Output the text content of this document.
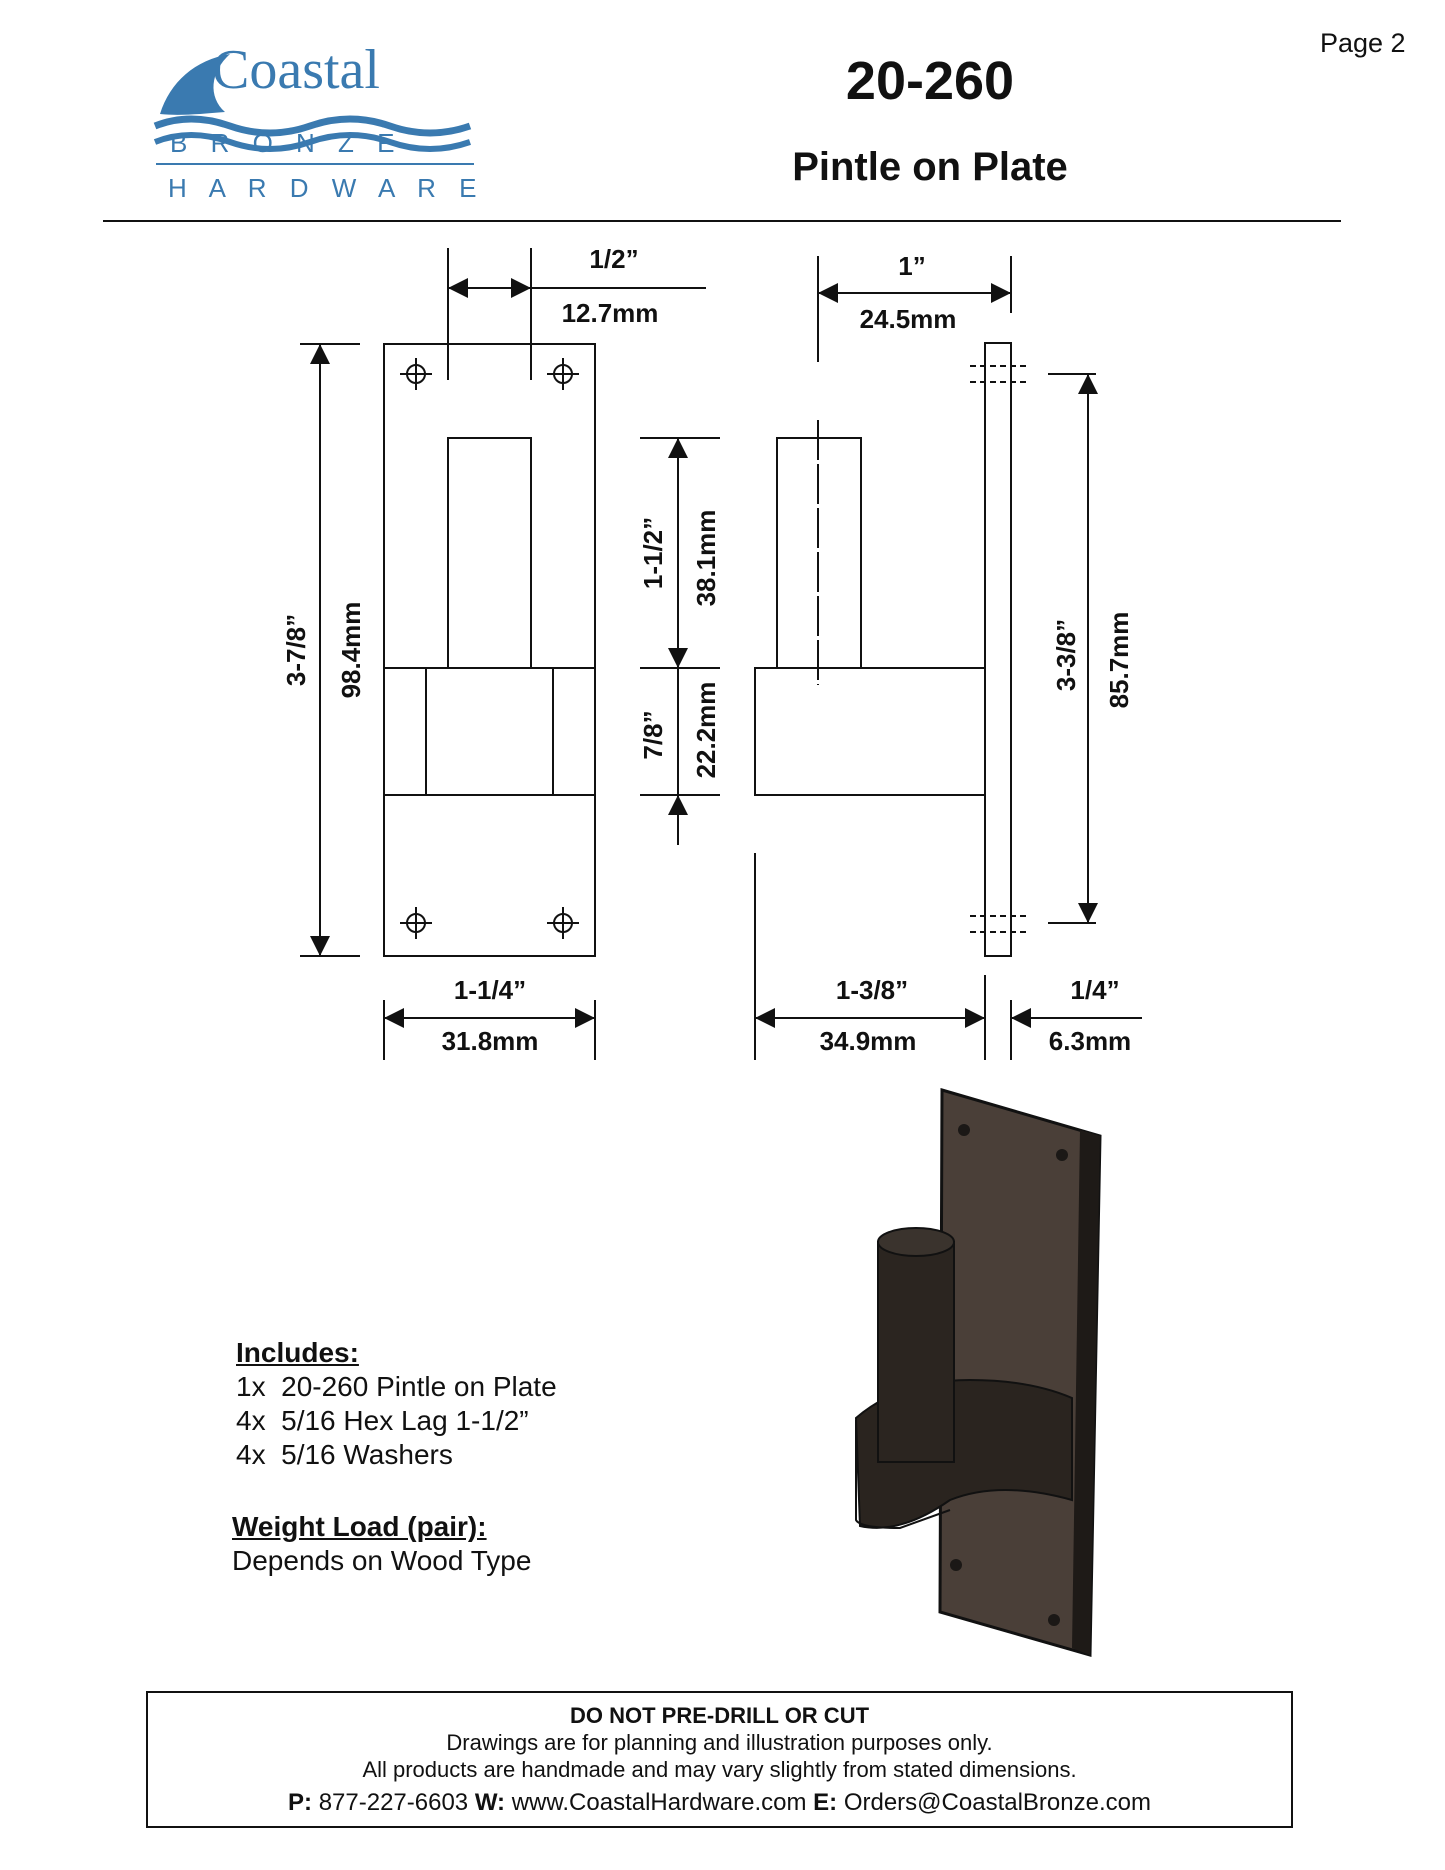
Page 2
Coastal
B R O N Z E
H A R D W A R E
20-260
Pintle on Plate
1/2”
12.7mm
3-7/8” 98.4mm
1-1/2” 38.1mm
7/8” 22.2mm
1-1/4”
31.8mm
1”
24.5mm
3-3/8” 85.7mm
1-3/8”
34.9mm
1/4”
6.3mm
Includes:
1x  20-260 Pintle on Plate
4x  5/16 Hex Lag 1-1/2”
4x  5/16 Washers
Weight Load (pair):
Depends on Wood Type
DO NOT PRE-DRILL OR CUT
Drawings are for planning and illustration purposes only.
All products are handmade and may vary slightly from stated dimensions.
P: 877-227-6603 W: www.CoastalHardware.com E: Orders@CoastalBronze.com
